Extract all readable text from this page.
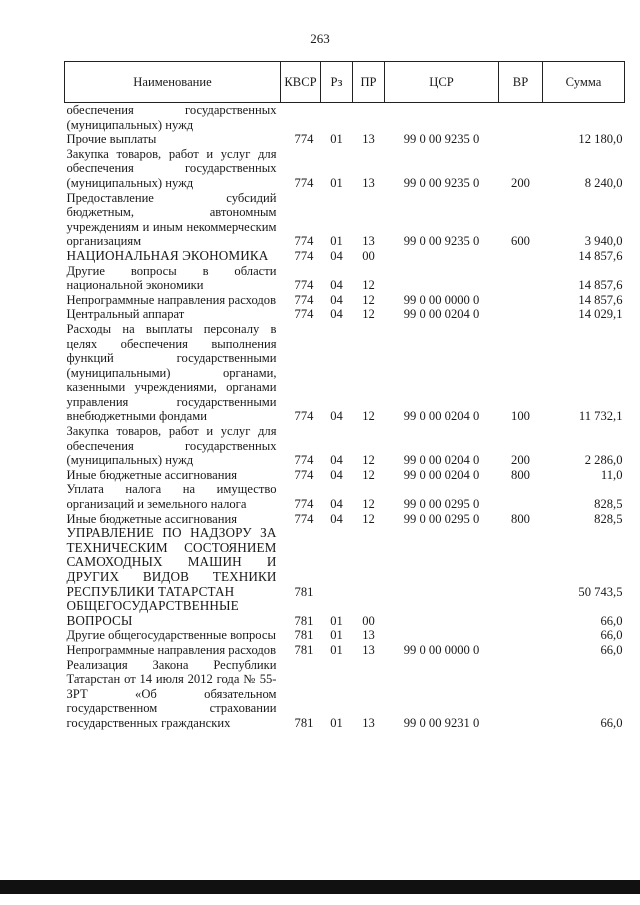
263
Наименование	КВСР	Рз	ПР	ЦСР	ВР	Сумма
обеспечения государственных (муниципальных) нужд						
Прочие выплаты	774	01	13	99 0 00 9235 0		12 180,0
Закупка товаров, работ и услуг для обеспечения государственных (муниципальных) нужд	774	01	13	99 0 00 9235 0	200	8 240,0
Предоставление субсидий бюджетным, автономным учреждениям и иным некоммерческим организациям	774	01	13	99 0 00 9235 0	600	3 940,0
НАЦИОНАЛЬНАЯ ЭКОНОМИКА	774	04	00			14 857,6
Другие вопросы в области национальной экономики	774	04	12			14 857,6
Непрограммные направления расходов	774	04	12	99 0 00 0000 0		14 857,6
Центральный аппарат	774	04	12	99 0 00 0204 0		14 029,1
Расходы на выплаты персоналу в целях обеспечения выполнения функций государственными (муниципальными) органами, казенными учреждениями, органами управления государственными внебюджетными фондами	774	04	12	99 0 00 0204 0	100	11 732,1
Закупка товаров, работ и услуг для обеспечения государственных (муниципальных) нужд	774	04	12	99 0 00 0204 0	200	2 286,0
Иные бюджетные ассигнования	774	04	12	99 0 00 0204 0	800	11,0
Уплата налога на имущество организаций и земельного налога	774	04	12	99 0 00 0295 0		828,5
Иные бюджетные ассигнования	774	04	12	99 0 00 0295 0	800	828,5
УПРАВЛЕНИЕ ПО НАДЗОРУ ЗА ТЕХНИЧЕСКИМ СОСТОЯНИЕМ САМОХОДНЫХ МАШИН И ДРУГИХ ВИДОВ ТЕХНИКИ РЕСПУБЛИКИ ТАТАРСТАН	781					50 743,5
ОБЩЕГОСУДАРСТВЕННЫЕ ВОПРОСЫ	781	01	00			66,0
Другие общегосударственные вопросы	781	01	13			66,0
Непрограммные направления расходов	781	01	13	99 0 00 0000 0		66,0
Реализация Закона Республики Татарстан от 14 июля 2012 года № 55-ЗРТ «Об обязательном государственном страховании государственных гражданских	781	01	13	99 0 00 9231 0		66,0
